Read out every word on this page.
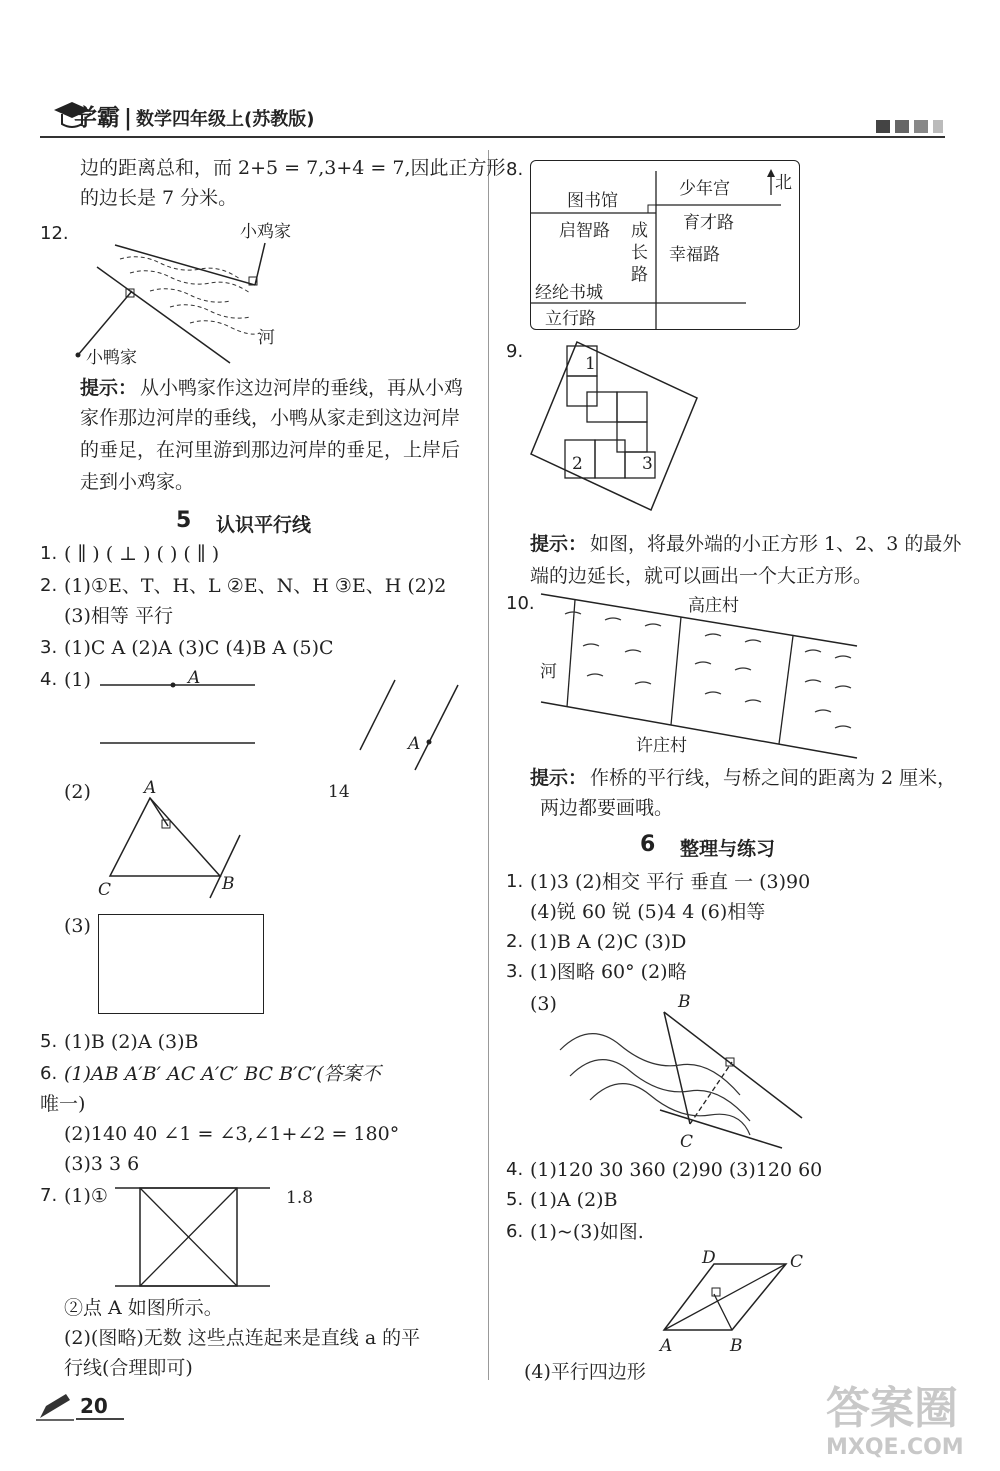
学霸 | 数学四年级上(苏教版)
边的距离总和，而 2+5 = 7,3+4 = 7,因此正方形
的边长是 7 分米。
12.	小鸡家
小鸭家
河
提示： 从小鸭家作这边河岸的垂线，再从小鸡
家作那边河岸的垂线，小鸭从家走到这边河岸
的垂足，在河里游到那边河岸的垂足，上岸后
走到小鸡家。
5 认识平行线
1. ( ∥ ) ( ⊥ ) ( ) ( ∥ )
2. (1)①E、T、H、L ②E、N、H ③E、H (2)2
(3)相等 平行
3. (1)C A (2)A (3)C (4)B A (5)C
4. (1)	A
A
(2)	14
A
B
C
(3)
5. (1)B (2)A (3)B
6. (1)AB A′B′ AC A′C′ BC B′C′(答案不
唯一)
(2)140 40 ∠1 = ∠3,∠1+∠2 = 180°
(3)3 3 6
7. (1)①	1.8
②点 A 如图所示。
(2)(图略)无数 这些点连起来是直线 a 的平
行线(合理即可)
8.
图书馆
少年宫	北
启智路 成
长
路
育才路
幸福路
经纶书城
立行路
9.
1
2	3
提示： 如图，将最外端的小正方形 1、2、3 的最外
端的边延长，就可以画出一个大正方形。
10.	高庄村
河
许庄村
提示： 作桥的平行线，与桥之间的距离为 2 厘米，
两边都要画哦。
6 整理与练习
1. (1)3 (2)相交 平行 垂直 一 (3)90
(4)锐 60 锐 (5)4 4 (6)相等
2. (1)B A (2)C (3)D
3. (1)图略 60° (2)略
(3)	B
C
4. (1)120 30 360 (2)90 (3)120 60
5. (1)A (2)B
6. (1)~(3)如图.
D	C
A	B
(4)平行四边形
20	答案圈
MXQE.COM
